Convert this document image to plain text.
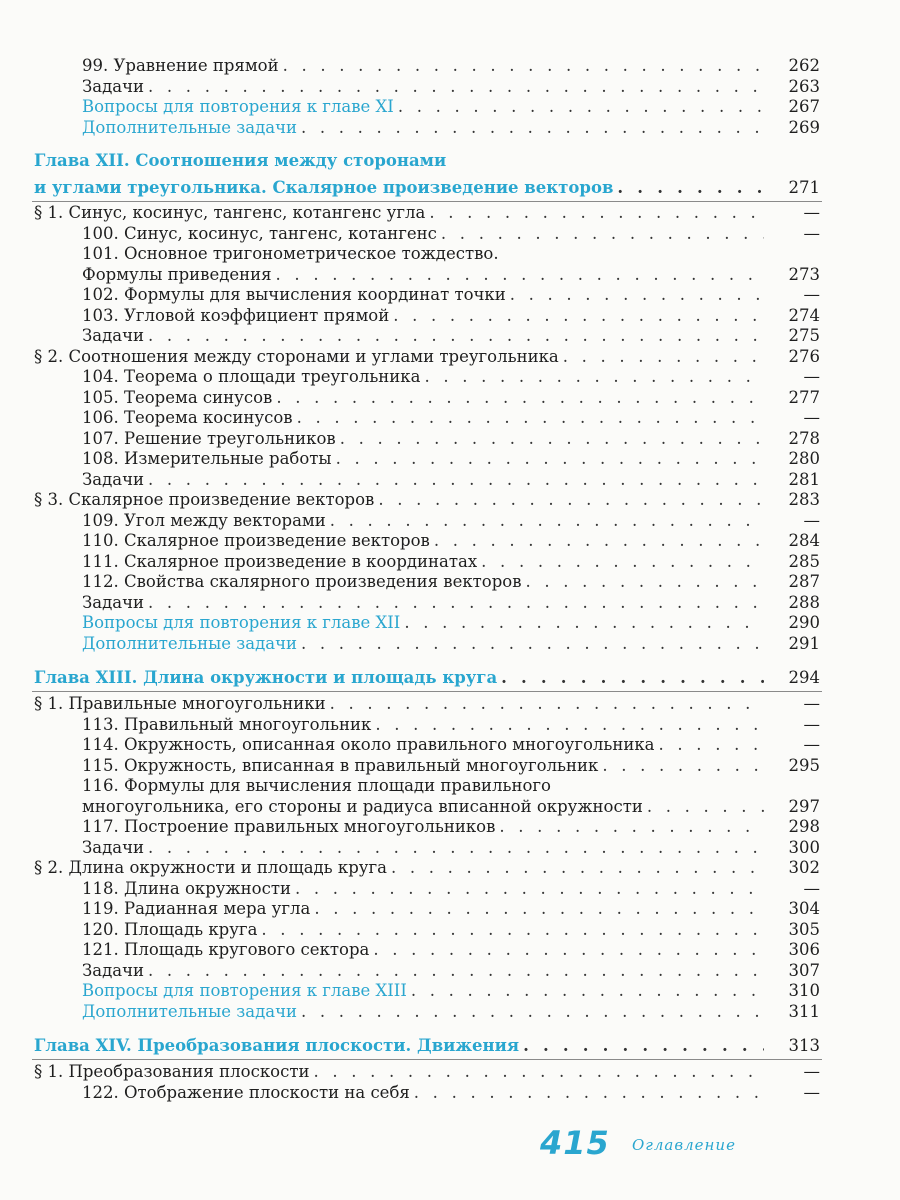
99. Уравнение прямой . . .	262
Задачи . . .	263
Вопросы для повторения к главе XI . . .	267
Дополнительные задачи . . .	269
Глава XII. Соотношения между сторонами
и углами треугольника. Скалярное произведение векторов . . .	271
§ 1. Синус, косинус, тангенс, котангенс угла . . .	—
100. Синус, косинус, тангенс, котангенс . . .	—
101. Основное тригонометрическое тождество.
Формулы приведения . . .	273
102. Формулы для вычисления координат точки . . .	—
103. Угловой коэффициент прямой . . .	274
Задачи . . .	275
§ 2. Соотношения между сторонами и углами треугольника . . .	276
104. Теорема о площади треугольника . . .	—
105. Теорема синусов . . .	277
106. Теорема косинусов . . .	—
107. Решение треугольников . . .	278
108. Измерительные работы . . .	280
Задачи . . .	281
§ 3. Скалярное произведение векторов . . .	283
109. Угол между векторами . . .	—
110. Скалярное произведение векторов . . .	284
111. Скалярное произведение в координатах . . .	285
112. Свойства скалярного произведения векторов . . .	287
Задачи . . .	288
Вопросы для повторения к главе XII . . .	290
Дополнительные задачи . . .	291
Глава XIII. Длина окружности и площадь круга . . .	294
§ 1. Правильные многоугольники . . .	—
113. Правильный многоугольник . . .	—
114. Окружность, описанная около правильного многоугольника . . .	—
115. Окружность, вписанная в правильный многоугольник . . .	295
116. Формулы для вычисления площади правильного
многоугольника, его стороны и радиуса вписанной окружности . . .	297
117. Построение правильных многоугольников . . .	298
Задачи . . .	300
§ 2. Длина окружности и площадь круга . . .	302
118. Длина окружности . . .	—
119. Радианная мера угла . . .	304
120. Площадь круга . . .	305
121. Площадь кругового сектора . . .	306
Задачи . . .	307
Вопросы для повторения к главе XIII . . .	310
Дополнительные задачи . . .	311
Глава XIV. Преобразования плоскости. Движения . . .	313
§ 1. Преобразования плоскости . . .	—
122. Отображение плоскости на себя . . .	—
415 Оглавление
